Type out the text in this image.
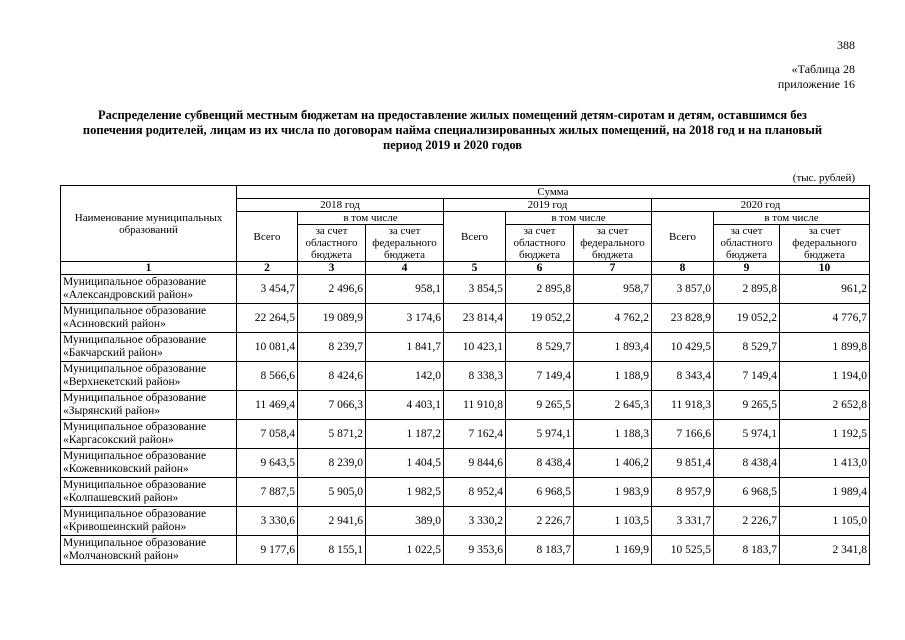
388
«Таблица 28
приложение 16
Распределение субвенций местным бюджетам на предоставление жилых помещений детям-сиротам и детям, оставшимся без попечения родителей, лицам из их числа по договорам найма специализированных жилых помещений, на 2018 год и на плановый период 2019 и 2020 годов
(тыс. рублей)
Наименование муниципальных образований	Сумма								
	2018 год			2019 год			2020 год		
	Всего	в том числе		Всего	в том числе		Всего	в том числе	
		за счет областного бюджета	за счет федерального бюджета		за счет областного бюджета	за счет федерального бюджета		за счет областного бюджета	за счет федерального бюджета
1	2	3	4	5	6	7	8	9	10
Муниципальное образование «Александровский район»	3 454,7	2 496,6	958,1	3 854,5	2 895,8	958,7	3 857,0	2 895,8	961,2
Муниципальное образование «Асиновский район»	22 264,5	19 089,9	3 174,6	23 814,4	19 052,2	4 762,2	23 828,9	19 052,2	4 776,7
Муниципальное образование «Бакчарский район»	10 081,4	8 239,7	1 841,7	10 423,1	8 529,7	1 893,4	10 429,5	8 529,7	1 899,8
Муниципальное образование «Верхнекетский район»	8 566,6	8 424,6	142,0	8 338,3	7 149,4	1 188,9	8 343,4	7 149,4	1 194,0
Муниципальное образование «Зырянский район»	11 469,4	7 066,3	4 403,1	11 910,8	9 265,5	2 645,3	11 918,3	9 265,5	2 652,8
Муниципальное образование «Каргасокский район»	7 058,4	5 871,2	1 187,2	7 162,4	5 974,1	1 188,3	7 166,6	5 974,1	1 192,5
Муниципальное образование «Кожевниковский район»	9 643,5	8 239,0	1 404,5	9 844,6	8 438,4	1 406,2	9 851,4	8 438,4	1 413,0
Муниципальное образование «Колпашевский район»	7 887,5	5 905,0	1 982,5	8 952,4	6 968,5	1 983,9	8 957,9	6 968,5	1 989,4
Муниципальное образование «Кривошеинский район»	3 330,6	2 941,6	389,0	3 330,2	2 226,7	1 103,5	3 331,7	2 226,7	1 105,0
Муниципальное образование «Молчановский район»	9 177,6	8 155,1	1 022,5	9 353,6	8 183,7	1 169,9	10 525,5	8 183,7	2 341,8
